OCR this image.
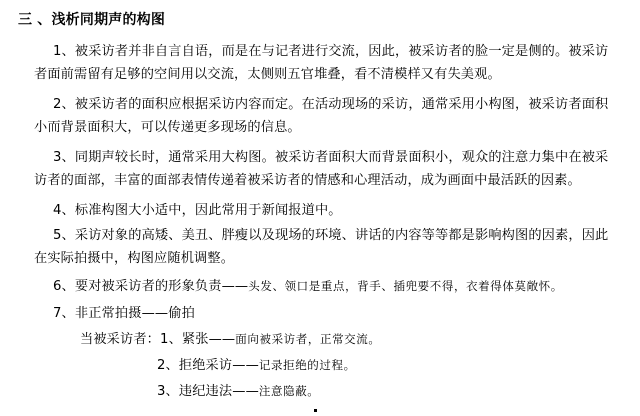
三 、浅析同期声的构图
1、被采访者并非自言自语，而是在与记者进行交流，因此，被采访者的脸一定是侧的。被采访者面前需留有足够的空间用以交流，太侧则五官堆叠，看不清模样又有失美观。
2、被采访者的面积应根据采访内容而定。在活动现场的采访，通常采用小构图，被采访者面积小而背景面积大，可以传递更多现场的信息。
3、同期声较长时，通常采用大构图。被采访者面积大而背景面积小，观众的注意力集中在被采访者的面部，丰富的面部表情传递着被采访者的情感和心理活动，成为画面中最活跃的因素。
4、标准构图大小适中，因此常用于新闻报道中。
5、采访对象的高矮、美丑、胖瘦以及现场的环境、讲话的内容等等都是影响构图的因素，因此在实际拍摄中，构图应随机调整。
6、要对被采访者的形象负责——头发、领口是重点，背手、插兜要不得，衣着得体莫敞怀。
7、非正常拍摄——偷拍
当被采访者：1、紧张——面向被采访者，正常交流。
2、拒绝采访——记录拒绝的过程。
3、违纪违法——注意隐蔽。
